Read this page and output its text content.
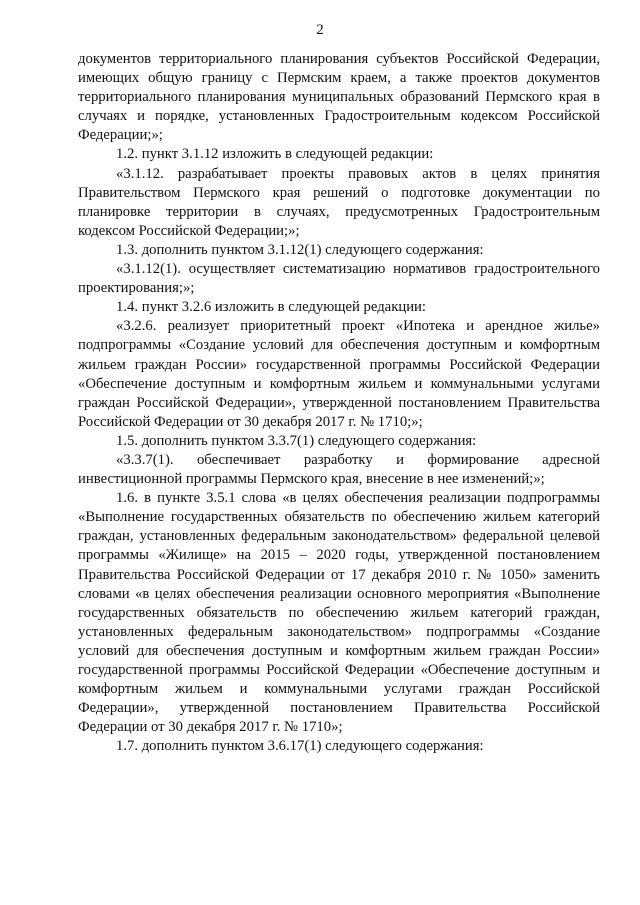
2

документов территориального планирования субъектов Российской Федерации, имеющих общую границу с Пермским краем, а также проектов документов территориального планирования муниципальных образований Пермского края в случаях и порядке, установленных Градостроительным кодексом Российской Федерации;»;

1.2. пункт 3.1.12 изложить в следующей редакции:

«3.1.12. разрабатывает проекты правовых актов в целях принятия Правительством Пермского края решений о подготовке документации по планировке территории в случаях, предусмотренных Градостроительным кодексом Российской Федерации;»;

1.3. дополнить пунктом 3.1.12(1) следующего содержания:

«3.1.12(1). осуществляет систематизацию нормативов градостроительного проектирования;»;

1.4. пункт 3.2.6 изложить в следующей редакции:

«3.2.6. реализует приоритетный проект «Ипотека и арендное жилье» подпрограммы «Создание условий для обеспечения доступным и комфортным жильем граждан России» государственной программы Российской Федерации «Обеспечение доступным и комфортным жильем и коммунальными услугами граждан Российской Федерации», утвержденной постановлением Правительства Российской Федерации от 30 декабря 2017 г. № 1710;»;

1.5. дополнить пунктом 3.3.7(1) следующего содержания:

«3.3.7(1). обеспечивает разработку и формирование адресной инвестиционной программы Пермского края, внесение в нее изменений;»;

1.6. в пункте 3.5.1 слова «в целях обеспечения реализации подпрограммы «Выполнение государственных обязательств по обеспечению жильем категорий граждан, установленных федеральным законодательством» федеральной целевой программы «Жилище» на 2015 – 2020 годы, утвержденной постановлением Правительства Российской Федерации от 17 декабря 2010 г. № 1050» заменить словами «в целях обеспечения реализации основного мероприятия «Выполнение государственных обязательств по обеспечению жильем категорий граждан, установленных федеральным законодательством» подпрограммы «Создание условий для обеспечения доступным и комфортным жильем граждан России» государственной программы Российской Федерации «Обеспечение доступным и комфортным жильем и коммунальными услугами граждан Российской Федерации», утвержденной постановлением Правительства Российской Федерации от 30 декабря 2017 г. № 1710»;

1.7. дополнить пунктом 3.6.17(1) следующего содержания:
